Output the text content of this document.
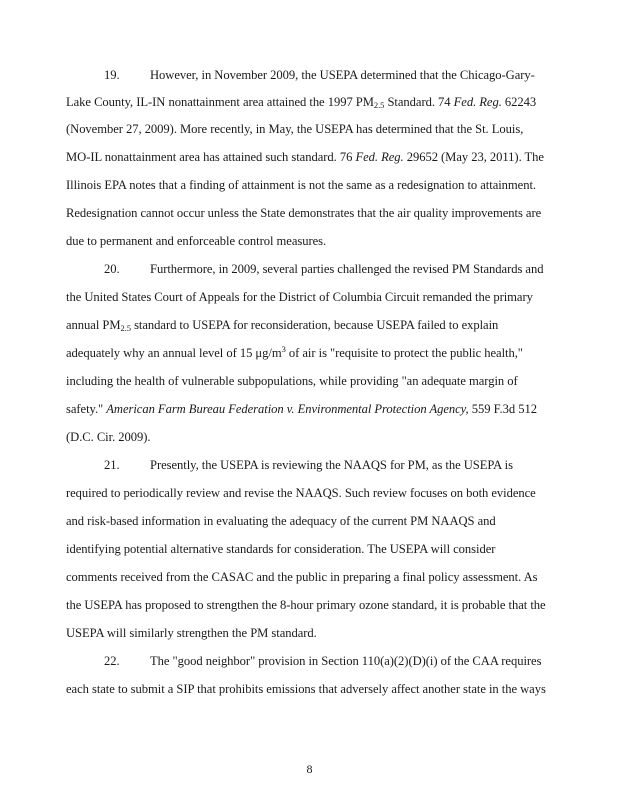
19. However, in November 2009, the USEPA determined that the Chicago-Gary-
Lake County, IL-IN nonattainment area attained the 1997 $PM_{2.5}$ Standard. 74 Fed. Reg. 62243
(November 27, 2009). More recently, in May, the USEPA has determined that the St. Louis,
MO-IL nonattainment area has attained such standard. 76 Fed. Reg. 29652 (May 23, 2011). The
Illinois EPA notes that a finding of attainment is not the same as a redesignation to attainment.
Redesignation cannot occur unless the State demonstrates that the air quality improvements are
due to permanent and enforceable control measures.
20. Furthermore, in 2009, several parties challenged the revised PM Standards and
the United States Court of Appeals for the District of Columbia Circuit remanded the primary
annual $PM_{2.5}$ standard to USEPA for reconsideration, because USEPA failed to explain
adequately why an annual level of 15 $\mu g/m^3$ of air is "requisite to protect the public health,"
including the health of vulnerable subpopulations, while providing "an adequate margin of
safety." American Farm Bureau Federation v. Environmental Protection Agency, 559 F.3d 512
(D.C. Cir. 2009).
21. Presently, the USEPA is reviewing the NAAQS for PM, as the USEPA is
required to periodically review and revise the NAAQS. Such review focuses on both evidence
and risk-based information in evaluating the adequacy of the current PM NAAQS and
identifying potential alternative standards for consideration. The USEPA will consider
comments received from the CASAC and the public in preparing a final policy assessment. As
the USEPA has proposed to strengthen the 8-hour primary ozone standard, it is probable that the
USEPA will similarly strengthen the PM standard.
22. The "good neighbor" provision in Section 110(a)(2)(D)(i) of the CAA requires
each state to submit a SIP that prohibits emissions that adversely affect another state in the ways
8
